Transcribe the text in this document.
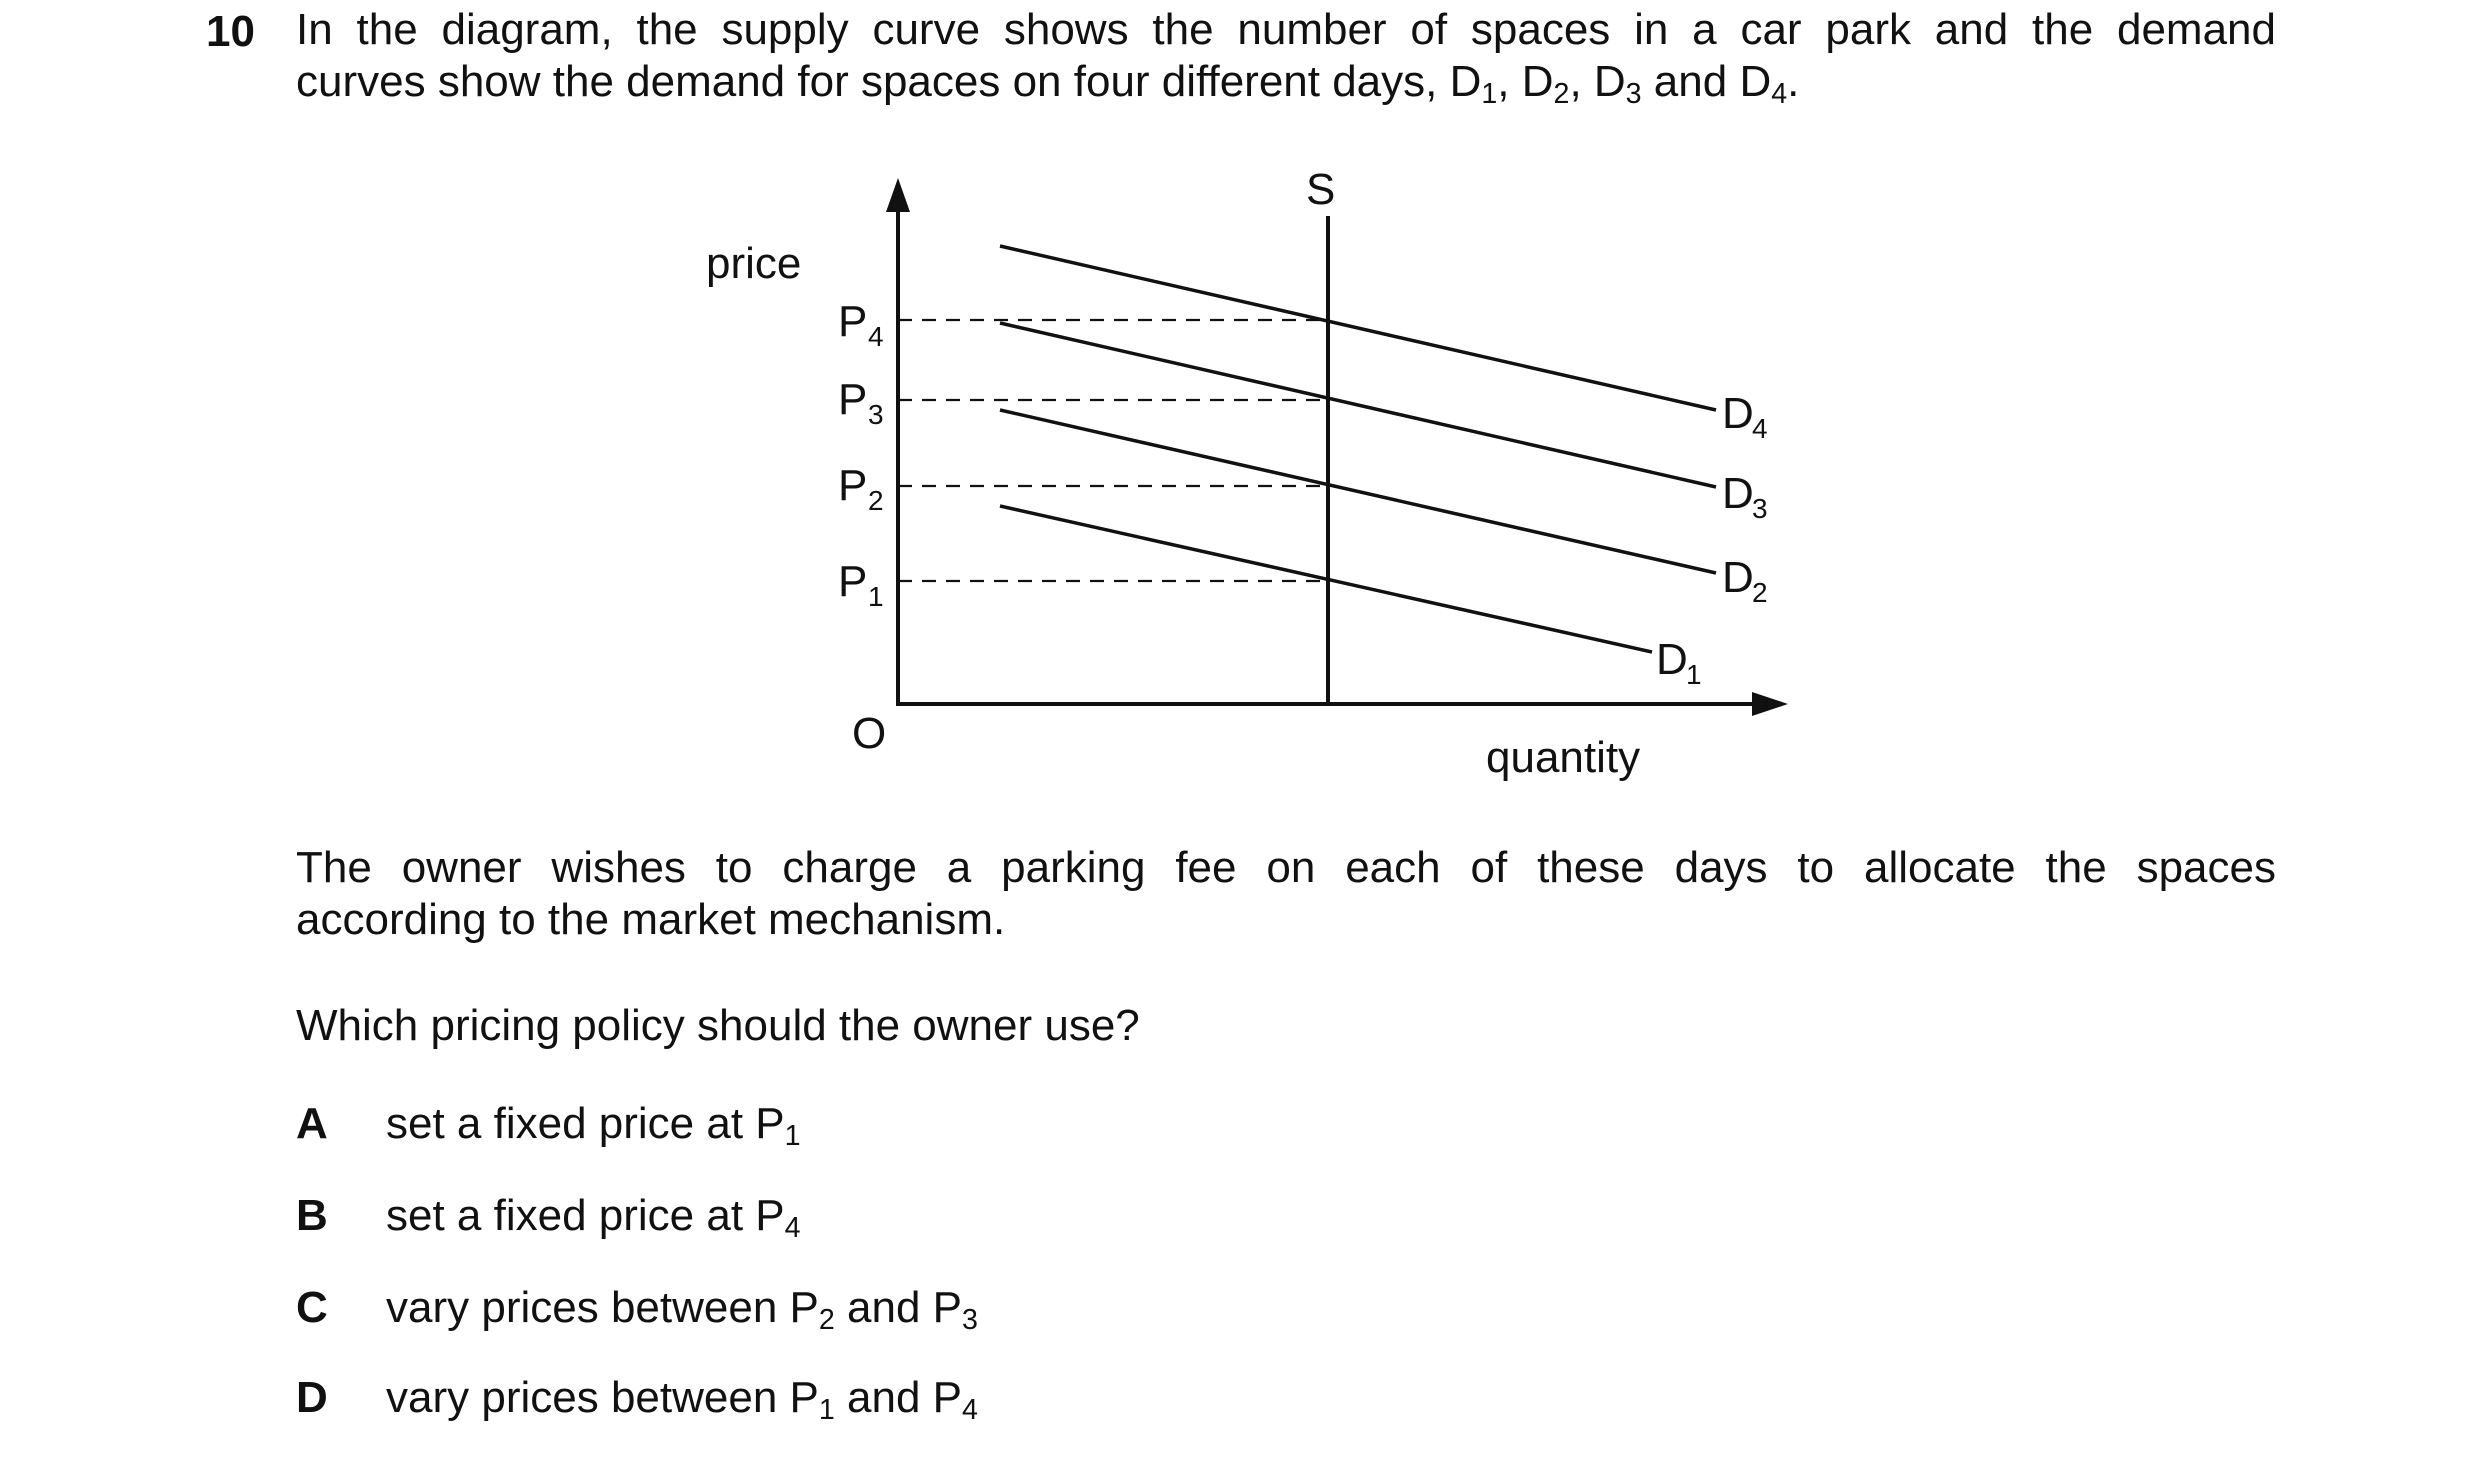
10 In the diagram, the supply curve shows the number of spaces in a car park and the demand
curves show the demand for spaces on four different days, $D_1$, $D_2$, $D_3$ and $D_4$.
price
quantity
O
S
P 4
P 3
P 2
P 1
D
4
D
3
D
2
D
1
The owner wishes to charge a parking fee on each of these days to allocate the spaces
according to the market mechanism.
Which pricing policy should the owner use?
A set a fixed price at $P_1$
B set a fixed price at $P_4$
C vary prices between $P_2$ and $P_3$
D vary prices between $P_1$ and $P_4$
